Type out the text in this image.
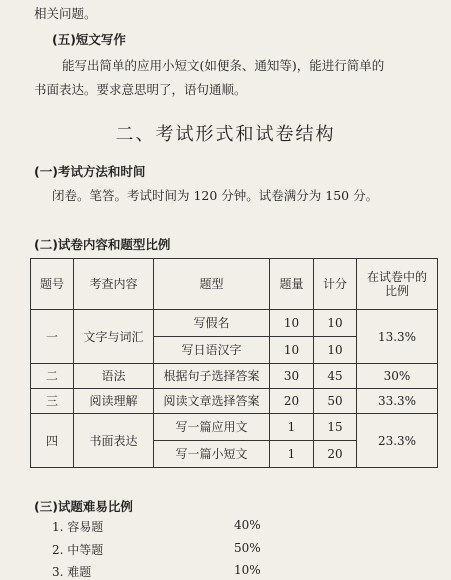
相关问题。
(五)短文写作
能写出简单的应用小短文(如便条、通知等)，能进行简单的
书面表达。要求意思明了，语句通顺。
二、考试形式和试卷结构
(一)考试方法和时间
闭卷。笔答。考试时间为 120 分钟。试卷满分为 150 分。
(二)试卷内容和题型比例
题号	考查内容	题型	题量	计分	在试卷中的比例
一	文字与词汇	写假名	10	10	13.3%
		写日语汉字	10	10	
二	语法	根据句子选择答案	30	45	30%
三	阅读理解	阅读文章选择答案	20	50	33.3%
四	书面表达	写一篇应用文	1	15	23.3%
		写一篇小短文	1	20	
(三)试题难易比例
1. 容易题	40%
2. 中等题	50%
3. 难题	10%
